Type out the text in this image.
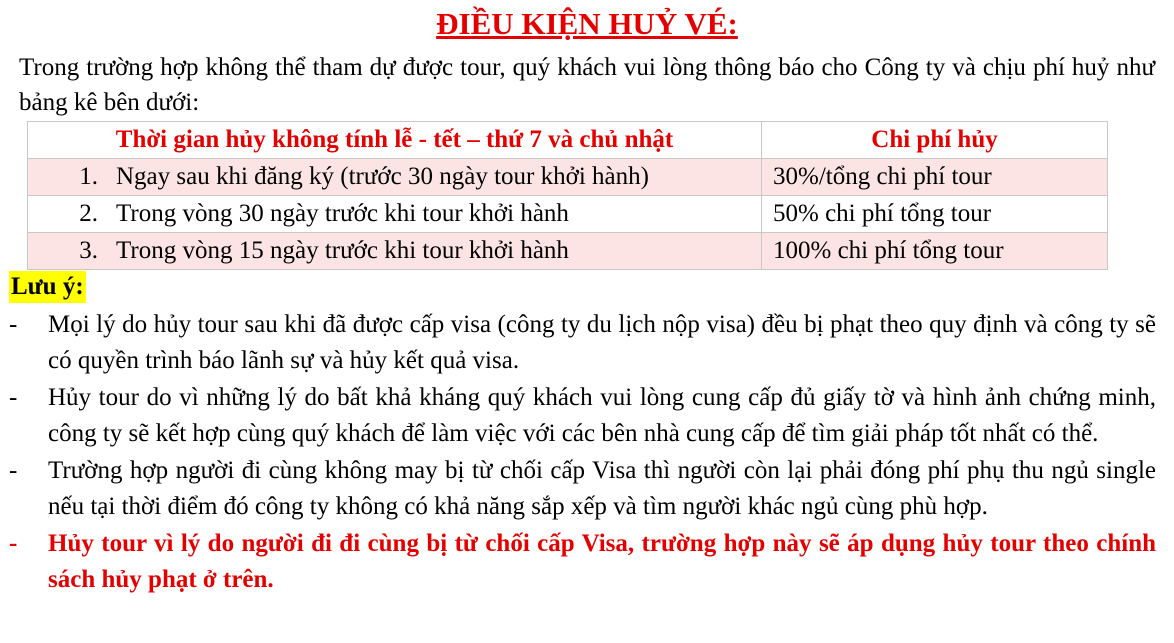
ĐIỀU KIỆN HUỶ VÉ:
Trong trường hợp không thể tham dự được tour, quý khách vui lòng thông báo cho Công ty và chịu phí huỷ như bảng kê bên dưới:
Thời gian hủy không tính lễ - tết – thứ 7 và chủ nhật	Chi phí hủy
1. Ngay sau khi đăng ký (trước 30 ngày tour khởi hành)	30%/tổng chi phí tour
2. Trong vòng 30 ngày trước khi tour khởi hành	50% chi phí tổng tour
3. Trong vòng 15 ngày trước khi tour khởi hành	100% chi phí tổng tour
Lưu ý:
- Mọi lý do hủy tour sau khi đã được cấp visa (công ty du lịch nộp visa) đều bị phạt theo quy định và công ty sẽ có quyền trình báo lãnh sự và hủy kết quả visa.
- Hủy tour do vì những lý do bất khả kháng quý khách vui lòng cung cấp đủ giấy tờ và hình ảnh chứng minh, công ty sẽ kết hợp cùng quý khách để làm việc với các bên nhà cung cấp để tìm giải pháp tốt nhất có thể.
- Trường hợp người đi cùng không may bị từ chối cấp Visa thì người còn lại phải đóng phí phụ thu ngủ single nếu tại thời điểm đó công ty không có khả năng sắp xếp và tìm người khác ngủ cùng phù hợp.
- Hủy tour vì lý do người đi đi cùng bị từ chối cấp Visa, trường hợp này sẽ áp dụng hủy tour theo chính sách hủy phạt ở trên.
